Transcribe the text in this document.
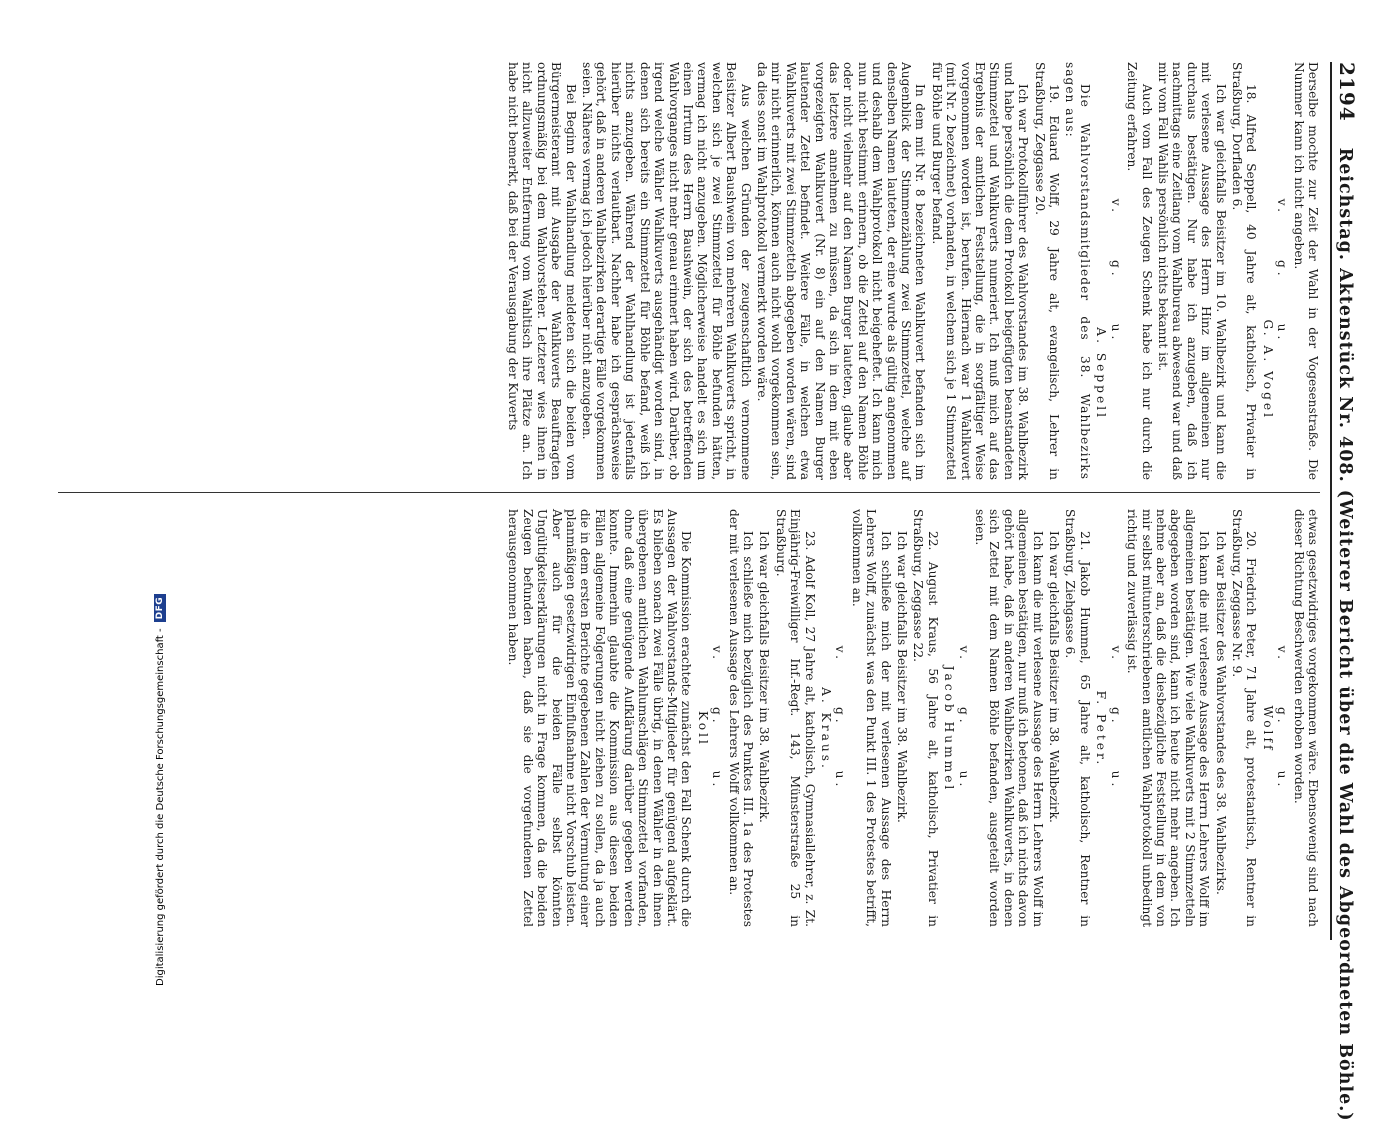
2194
Reichstag. Aktenstück Nr. 408. (Weiterer Bericht über die Wahl des Abgeordneten Böhle.)

Derselbe mochte zur Zeit der Wahl in der Vogesenstraße. Die Nummer kann ich nicht angeben.

v.
g.
u.

G. A. Vogel

18. Alfred Seppell, 40 Jahre alt, katholisch, Privatier in Straßburg, Dorfladen 6.

Ich war gleichfalls Beisitzer im 10. Wahlbezirk und kann die mit verlesene Aussage des Herrn Hinz im allgemeinen nur durchaus bestätigen. Nur habe ich anzugeben, daß ich nachmittags eine Zeitlang vom Wahlbureau abwesend war und daß mir vom Fall Wahlis persönlich nichts bekannt ist.

Auch vom Fall des Zeugen Schenk habe ich nur durch die Zeitung erfahren.

v.
g.
u.

A. Seppell

Die Wahlvorstandsmitglieder des 38. Wahlbezirks sagen aus:

19. Eduard Wolff, 29 Jahre alt, evangelisch, Lehrer in Straßburg, Zeggasse 20.

Ich war Protokollführer des Wahlvorstandes im 38. Wahlbezirk und habe persönlich die dem Protokoll beigefügten beanstandeten Stimmzettel und Wahlkuverts numeriert. Ich muß mich auf das Ergebnis der amtlichen Feststellung, die in sorgfältiger Weise vorgenommen worden ist, berufen. Hiernach war 1 Wahlkuvert (mit Nr. 2 bezeichnet) vorhanden, in welchem sich je 1 Stimmzettel für Böhle und Burger befand.

In dem mit Nr. 8 bezeichneten Wahlkuvert befanden sich im Augenblick der Stimmenzählung zwei Stimmzettel, welche auf denselben Namen lauteten, der eine wurde als gültig angenommen und deshalb dem Wahlprotokoll nicht beigeheftet. Ich kann mich nun nicht bestimmt erinnern, ob die Zettel auf den Namen Böhle oder nicht vielmehr auf den Namen Burger lauteten, glaube aber das letztere annehmen zu müssen, da sich in dem mit eben vorgezeigten Wahlkuvert (Nr. 8) ein auf den Namen Burger lautender Zettel befindet. Weitere Fälle, in welchen etwa Wahlkuverts mit zwei Stimmzetteln abgegeben worden wären, sind mir nicht erinnerlich, können auch nicht wohl vorgekommen sein, da dies sonst im Wahlprotokoll vermerkt worden wäre.

Aus welchen Gründen der zeugenschaftlich vernommene Beisitzer Albert Baushwein von mehreren Wahlkuverts spricht, in welchen sich je zwei Stimmzettel für Böhle befunden hätten, vermag ich nicht anzugeben. Möglicherweise handelt es sich um einen Irrtum des Herrn Baushwein, der sich des betreffenden Wahlvorganges nicht mehr genau erinnert haben wird. Darüber, ob irgend welche Wähler Wahlkuverts ausgehändigt worden sind, in denen sich bereits ein Stimmzettel für Böhle befand, weiß ich nichts anzugeben. Während der Wahlhandlung ist jedenfalls hierüber nichts verlautbart. Nachher habe ich gesprächsweise gehört, daß in anderen Wahlbezirken derartige Fälle vorgekommen seien. Näheres vermag ich jedoch hierüber nicht anzugeben.

Bei Beginn der Wahlhandlung meldeten sich die beiden vom Bürgermeisteramt mit Ausgabe der Wahlkuverts Beauftragten ordnungsmäßig bei dem Wahlvorsteher. Letzterer wies ihnen in nicht allzuweiter Entfernung vom Wahltisch ihre Plätze an. Ich habe nicht bemerkt, daß bei der Verausgabung der Kuverts

etwas gesetzwidriges vorgekommen wäre. Ebensowenig sind nach dieser Richtung Beschwerden erhoben worden.

v.
g.
u.

Wolff

20. Friedrich Peter, 71 Jahre alt, protestantisch, Rentner in Straßburg, Zeggasse Nr. 9.

Ich war Beisitzer des Wahlvorstandes des 38. Wahlbezirks.

Ich kann die mit verlesene Aussage des Herrn Lehrers Wolff im allgemeinen bestätigen. Wie viele Wahlkuverts mit 2 Stimmzetteln abgegeben worden sind, kann ich heute nicht mehr angeben. Ich nehme aber an, daß die diesbezügliche Feststellung in dem von mir selbst mitunterschriebenen amtlichen Wahlprotokoll unbedingt richtig und zuverlässig ist.

v.
g.
u.

F. Peter.

21. Jakob Hummel, 65 Jahre alt, katholisch, Rentner in Straßburg, Ziehgasse 6.

Ich war gleichfalls Beisitzer im 38. Wahlbezirk.

Ich kann die mit verlesene Aussage des Herrn Lehrers Wolff im allgemeinen bestätigen, nur muß ich betonen, daß ich nichts davon gehört habe, daß in anderen Wahlbezirken Wahlkuverts, in denen sich Zettel mit dem Namen Böhle befanden, ausgeteilt worden seien.

v.
g.
u.

Jacob Hummel

22. August Kraus, 56 Jahre alt, katholisch, Privatier in Straßburg, Zeggasse 22.

Ich war gleichfalls Beisitzer im 38. Wahlbezirk.

Ich schließe mich der mit verlesenen Aussage des Herrn Lehrers Wolff, zunächst was den Punkt III. 1 des Protestes betrifft, vollkommen an.

v.
g.
u.

A. Kraus.

23. Adolf Koll, 27 Jahre alt, katholisch, Gymnasiallehrer, z. Zt. Einjährig-Freiwilliger Inf.-Regt. 143, Münsterstraße 25 in Straßburg.

Ich war gleichfalls Beisitzer im 38. Wahlbezirk.

Ich schließe mich bezüglich des Punktes III. 1a des Protestes der mit verlesenen Aussage des Lehrers Wolff vollkommen an.

v.
g.
u.

Koll

Die Kommission erachtete zunächst den Fall Schenk durch die Aussagen der Wahlvorstands-Mitglieder für genügend aufgeklärt. Es blieben sonach zwei Fälle übrig, in denen Wähler in den ihnen übergebenen amtlichen Wahlumschlägen Stimmzettel vorfanden, ohne daß eine genügende Aufklärung darüber gegeben werden konnte. Immerhin glaubte die Kommission aus diesen beiden Fällen allgemeine Folgerungen nicht ziehen zu sollen, da ja auch die in dem ersten Berichte gegebenen Zahlen der Vermutung einer planmäßigen gesetzwidrigen Einflußnahme nicht Vorschub leisten. Aber auch für die beiden Fälle selbst könnten Ungültigkeitserklärungen nicht in Frage kommen, da die beiden Zeugen befunden haben, daß sie die vorgefundenen Zettel herausgenommen haben.

Digitalisierung gefördert durch die Deutsche Forschungsgemeinschaft -
DFG
